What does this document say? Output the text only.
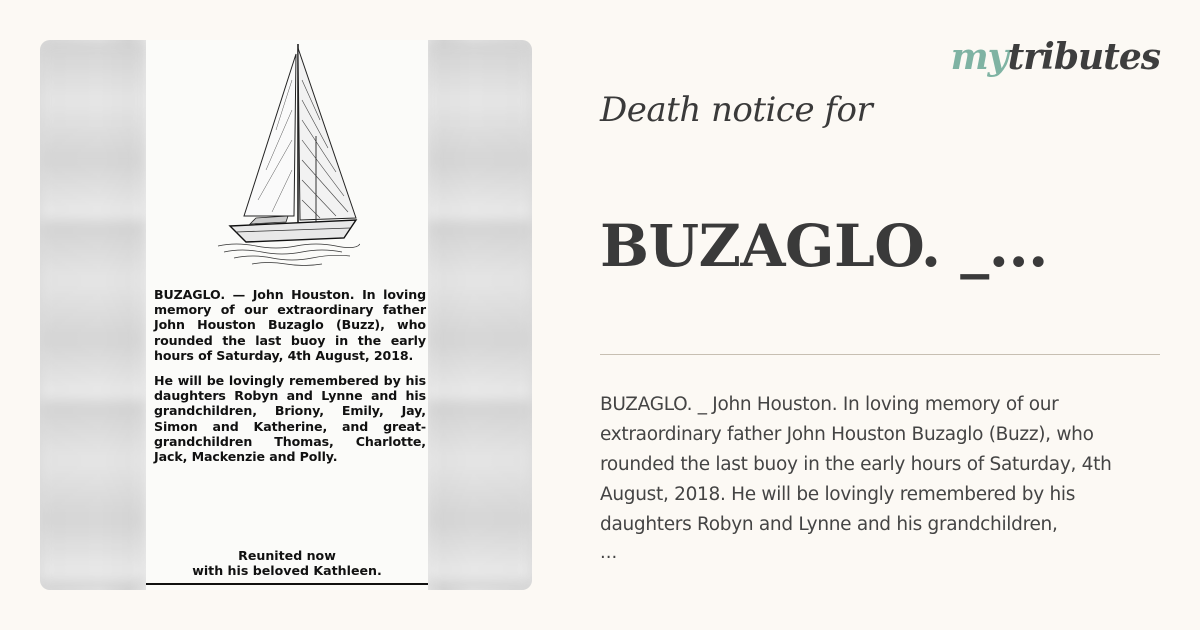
BUZAGLO. — John Houston. In loving memory of our extraordinary father John Houston Buzaglo (Buzz), who rounded the last buoy in the early hours of Saturday, 4th August, 2018.

He will be lovingly remembered by his daughters Robyn and Lynne and his grandchildren, Briony, Emily, Jay, Simon and Katherine, and great-grandchildren Thomas, Charlotte, Jack, Mackenzie and Polly.

Reunited now
with his beloved Kathleen.
mytributes
Death notice for
BUZAGLO. _...
BUZAGLO. _ John Houston. In loving memory of our extraordinary father John Houston Buzaglo (Buzz), who rounded the last buoy in the early hours of Saturday, 4th August, 2018. He will be lovingly remembered by his daughters Robyn and Lynne and his grandchildren,
...
